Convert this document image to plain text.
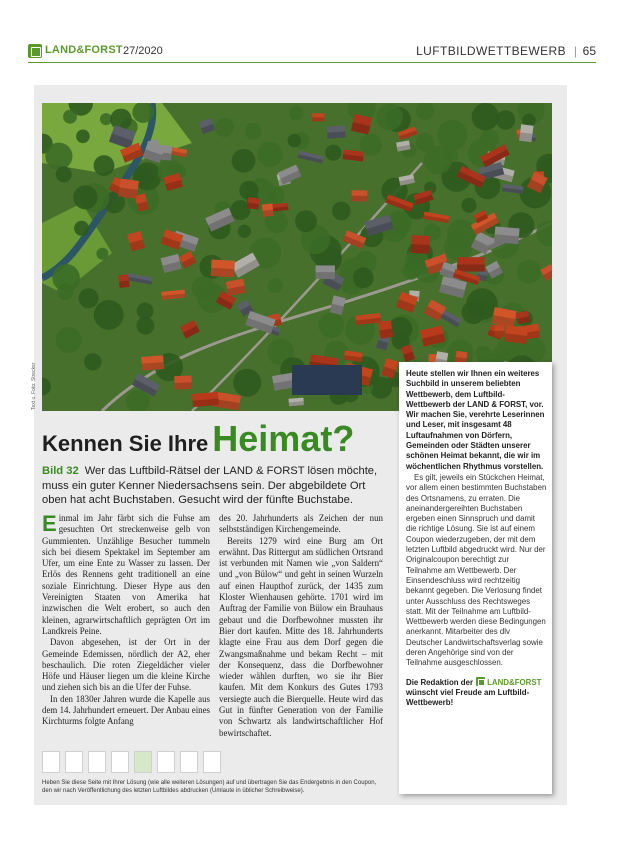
LAND&FORST 27/2020	LUFTBILDWETTBEWERB | 65
Text u. Foto: Strecker
Kennen Sie Ihre Heimat?
Bild 32 Wer das Luftbild-Rätsel der LAND & FORST lösen möchte, muss ein guter Kenner Niedersachsens sein. Der abgebildete Ort oben hat acht Buchstaben. Gesucht wird der fünfte Buchstabe.

Einmal im Jahr färbt sich die Fuhse am gesuchten Ort streckenweise gelb von Gummienten. Unzählige Besucher tummeln sich bei diesem Spektakel im September am Ufer, um eine Ente zu Wasser zu lassen. Der Erlös des Rennens geht traditionell an eine soziale Einrichtung. Dieser Hype aus den Vereinigten Staaten von Amerika hat inzwischen die Welt erobert, so auch den kleinen, agrarwirtschaftlich geprägten Ort im Landkreis Peine.

Davon abgesehen, ist der Ort in der Gemeinde Edemissen, nördlich der A2, eher beschaulich. Die roten Ziegeldächer vieler Höfe und Häuser liegen um die kleine Kirche und ziehen sich bis an die Ufer der Fuhse.

In den 1830er Jahren wurde die Kapelle aus dem 14. Jahrhundert erneuert. Der Anbau eines Kirchturms folgte Anfang

des 20. Jahrhunderts als Zeichen der nun selbstständigen Kirchengemeinde.

Bereits 1279 wird eine Burg am Ort erwähnt. Das Rittergut am südlichen Ortsrand ist verbunden mit Namen wie „von Saldern“ und „von Bülow“ und geht in seinen Wurzeln auf einen Haupthof zurück, der 1435 zum Kloster Wienhausen gehörte. 1701 wird im Auftrag der Familie von Bülow ein Brauhaus gebaut und die Dorfbewohner mussten ihr Bier dort kaufen. Mitte des 18. Jahrhunderts klagte eine Frau aus dem Dorf gegen die Zwangsmaßnahme und bekam Recht – mit der Konsequenz, dass die Dorfbewohner wieder wählen durften, wo sie ihr Bier kaufen. Mit dem Konkurs des Gutes 1793 versiegte auch die Bierquelle. Heute wird das Gut in fünfter Generation von der Familie von Schwartz als landwirtschaftlicher Hof bewirtschaftet.

Heben Sie diese Seite mit Ihrer Lösung (wie alle weiteren Lösungen) auf und übertragen Sie das Endergebnis in den Coupon, den wir nach Veröffentlichung des letzten Luftbildes abdrucken (Umlaute in üblicher Schreibweise).

Heute stellen wir Ihnen ein weiteres Suchbild in unserem beliebten Wettbewerb, dem Luftbild-Wettbewerb der LAND & FORST, vor. Wir machen Sie, verehrte Leserinnen und Leser, mit insgesamt 48 Luftaufnahmen von Dörfern, Gemeinden oder Städten unserer schönen Heimat bekannt, die wir im wöchentlichen Rhythmus vorstellen.

Es gilt, jeweils ein Stückchen Heimat, vor allem einen bestimmten Buchstaben des Ortsnamens, zu erraten. Die aneinandergereihten Buchstaben ergeben einen Sinnspruch und damit die richtige Lösung. Sie ist auf einem Coupon wiederzugeben, der mit dem letzten Luftbild abgedruckt wird. Nur der Originalcoupon berechtigt zur Teilnahme am Wettbewerb. Der Einsendeschluss wird rechtzeitig bekannt gegeben. Die Verlosung findet unter Ausschluss des Rechtsweges statt. Mit der Teilnahme am Luftbild-Wettbewerb werden diese Bedingungen anerkannt. Mitarbeiter des dlv Deutscher Landwirtschaftsverlag sowie deren Angehörige sind von der Teilnahme ausgeschlossen.

Die Redaktion der LAND&FORST wünscht viel Freude am Luftbild-Wettbewerb!
